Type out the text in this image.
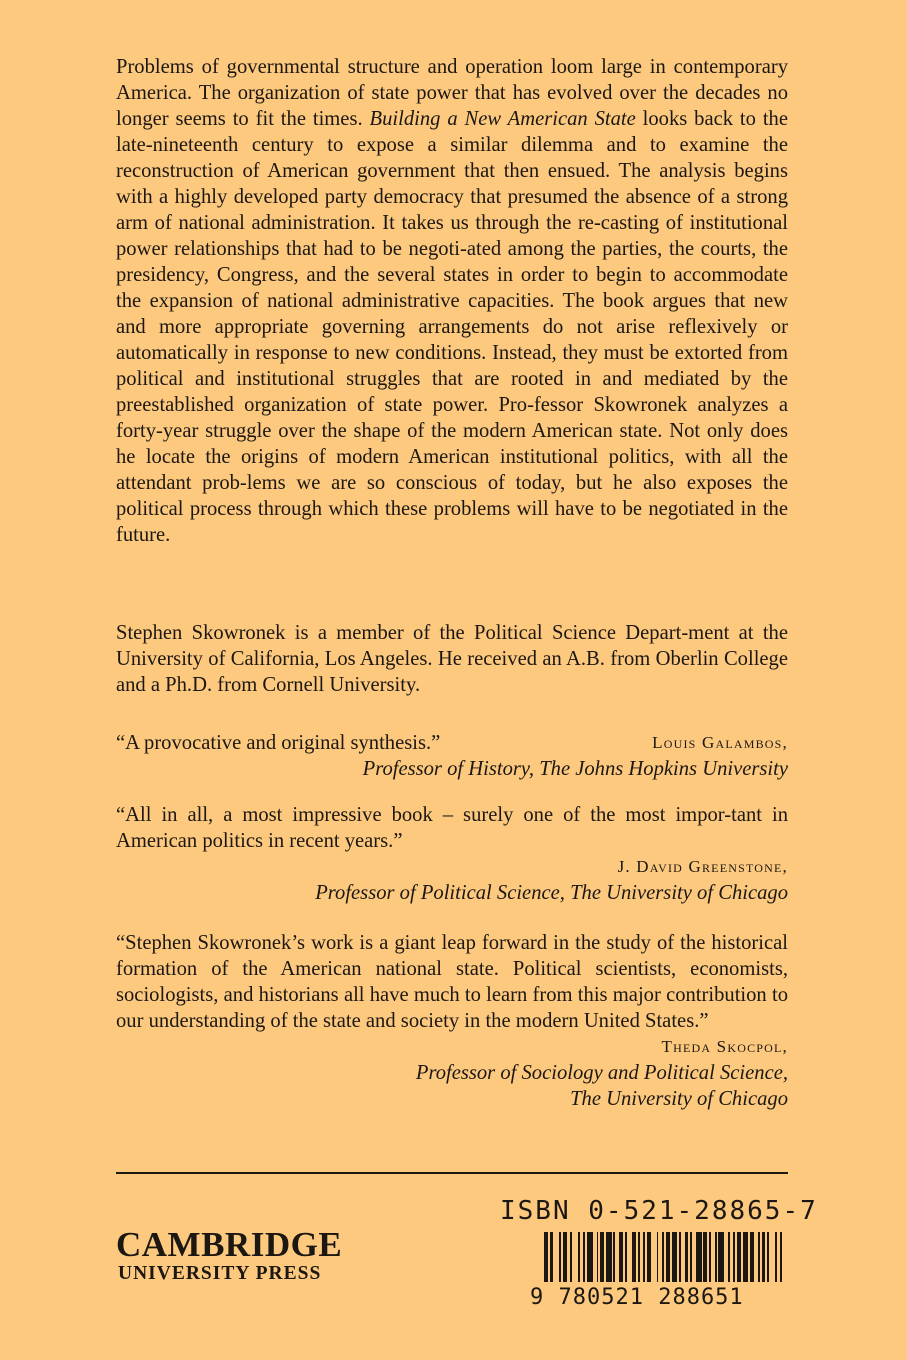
Problems of governmental structure and operation loom large in contemporary America. The organization of state power that has evolved over the decades no longer seems to fit the times. Building a New American State looks back to the late-nineteenth century to expose a similar dilemma and to examine the reconstruction of American government that then ensued. The analysis begins with a highly developed party democracy that presumed the absence of a strong arm of national administration. It takes us through the re-casting of institutional power relationships that had to be negoti-ated among the parties, the courts, the presidency, Congress, and the several states in order to begin to accommodate the expansion of national administrative capacities. The book argues that new and more appropriate governing arrangements do not arise reflexively or automatically in response to new conditions. Instead, they must be extorted from political and institutional struggles that are rooted in and mediated by the preestablished organization of state power. Pro-fessor Skowronek analyzes a forty-year struggle over the shape of the modern American state. Not only does he locate the origins of modern American institutional politics, with all the attendant prob-lems we are so conscious of today, but he also exposes the political process through which these problems will have to be negotiated in the future.

Stephen Skowronek is a member of the Political Science Depart-ment at the University of California, Los Angeles. He received an A.B. from Oberlin College and a Ph.D. from Cornell University.

“A provocative and original synthesis.”	Louis Galambos,
Professor of History, The Johns Hopkins University
“All in all, a most impressive book – surely one of the most impor-tant in American politics in recent years.”
J. David Greenstone,
Professor of Political Science, The University of Chicago
“Stephen Skowronek’s work is a giant leap forward in the study of the historical formation of the American national state. Political scientists, economists, sociologists, and historians all have much to learn from this major contribution to our understanding of the state and society in the modern United States.”
Theda Skocpol,
Professor of Sociology and Political Science,
The University of Chicago
CAMBRIDGE
UNIVERSITY PRESS
ISBN 0-521-28865-7
9 780521 288651
